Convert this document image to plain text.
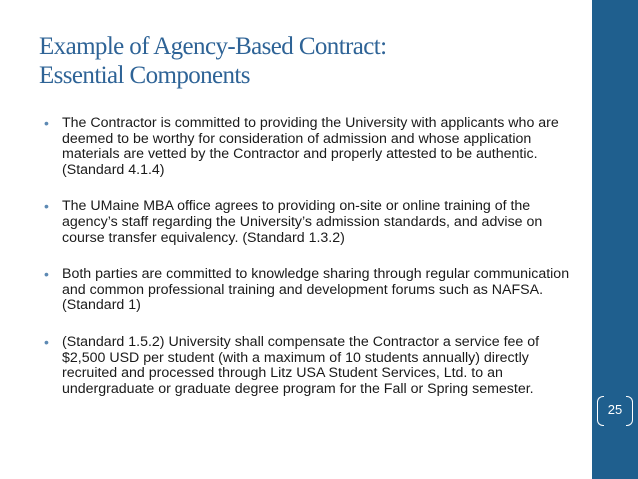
Example of Agency-Based Contract:
Essential Components
• The Contractor is committed to providing the University with applicants who are deemed to be worthy for consideration of admission and whose application materials are vetted by the Contractor and properly attested to be authentic. (Standard 4.1.4)
• The UMaine MBA office agrees to providing on-site or online training of the agency’s staff regarding the University’s admission standards, and advise on course transfer equivalency. (Standard 1.3.2)
• Both parties are committed to knowledge sharing through regular communication and common professional training and development forums such as NAFSA. (Standard 1)
• (Standard 1.5.2) University shall compensate the Contractor a service fee of $2,500 USD per student (with a maximum of 10 students annually) directly recruited and processed through Litz USA Student Services, Ltd. to an undergraduate or graduate degree program for the Fall or Spring semester.
25
